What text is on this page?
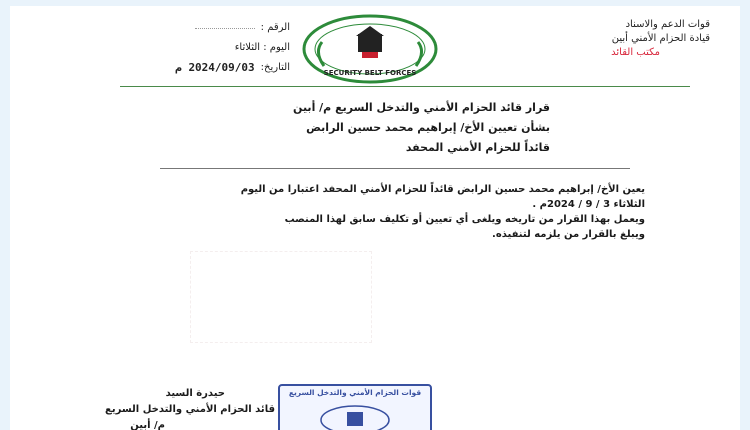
قوات الدعم والاسناد
قيادة الحزام الأمني أبين
مكتب القائد
الرقم :
اليوم : الثلاثاء
التاريخ:
2024/09/03 م	SECURITY BELT FORCES
قرار قائد الحزام الأمني والتدخل السريع م/ أبين
بشأن تعيين الأخ/ إبراهيم محمد حسين الرابض
قائداً للحزام الأمني المحفد

يعين الأخ/ إبراهيم محمد حسين الرابض قائداً للحزام الأمني المحفد اعتبارا من اليوم

الثلاثاء 3 / 9 / 2024م .

ويعمل بهذا القرار من تاريخه ويلغى أي تعيين أو تكليف سابق لهذا المنصب

ويبلغ بالقرار من يلزمه لتنفيذه.

حيدرة السيد
قائد الحزام الأمني والتدخل السريع
م/ أبين
قوات الحزام الأمني والتدخل السريع
